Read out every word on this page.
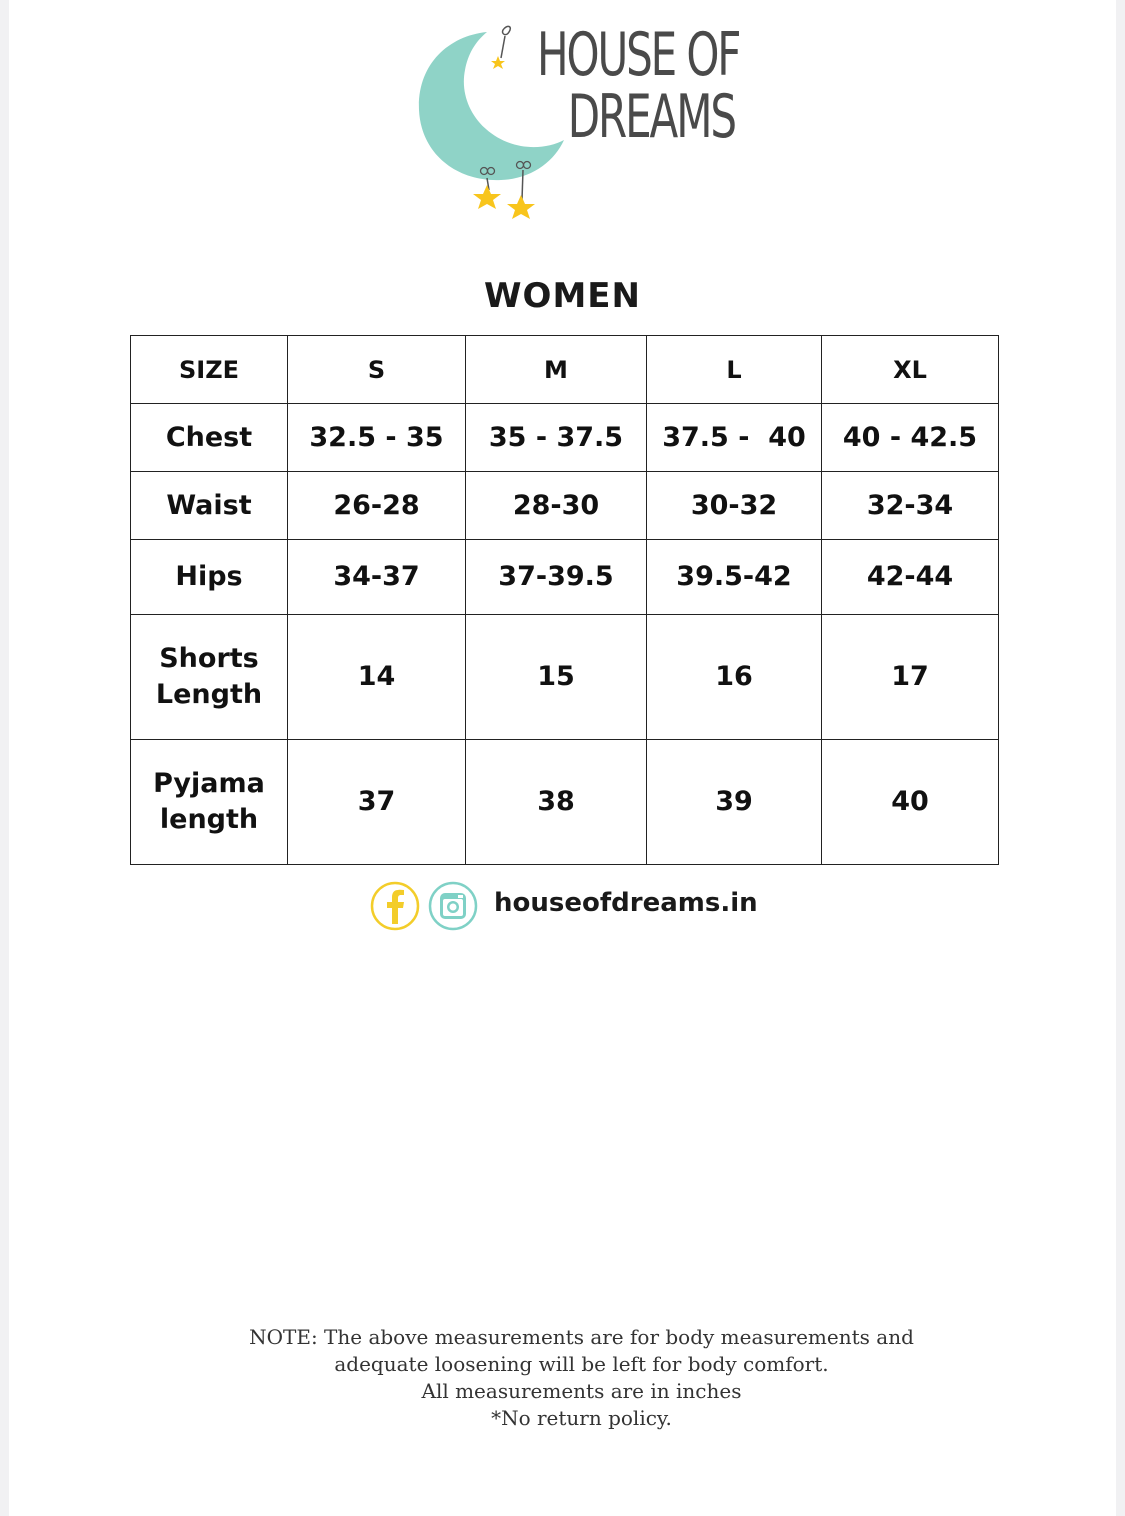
HOUSE OF
DREAMS
WOMEN
SIZE	S	M	L	XL
Chest	32.5 - 35	35 - 37.5	37.5 -  40	40 - 42.5
Waist	26-28	28-30	30-32	32-34
Hips	34-37	37-39.5	39.5-42	42-44

Shorts
Length	14	15	16	17

Pyjama
length	37	38	39	40
houseofdreams.in
NOTE: The above measurements are for body measurements and
adequate loosening will be left for body comfort.
All measurements are in inches
*No return policy.
